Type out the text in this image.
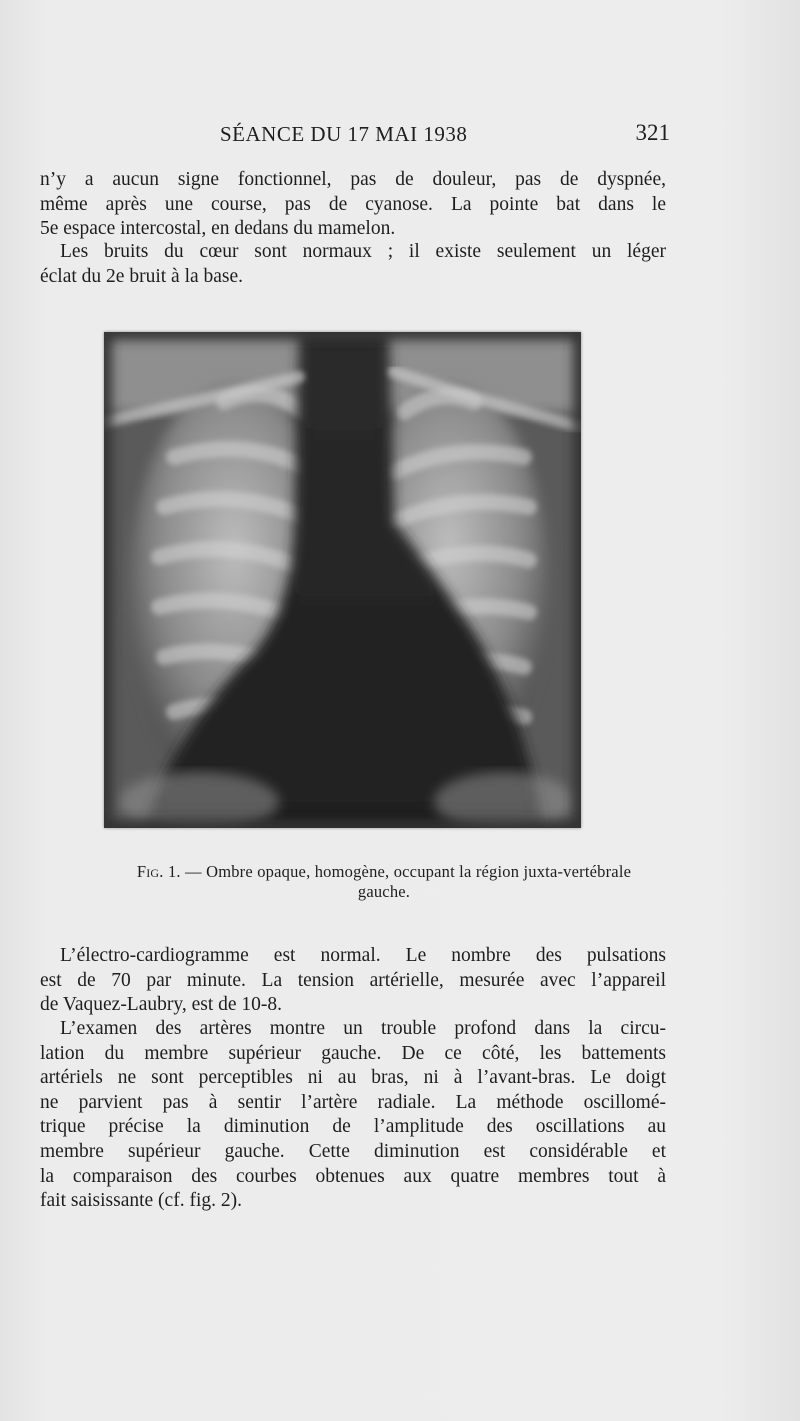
SÉANCE DU 17 MAI 1938	321
n’y a aucun signe fonctionnel, pas de douleur, pas de dyspnée,
même après une course, pas de cyanose. La pointe bat dans le
5e espace intercostal, en dedans du mamelon.
Les bruits du cœur sont normaux ; il existe seulement un léger
éclat du 2e bruit à la base.
Fig. 1. — Ombre opaque, homogène, occupant la région juxta-vertébrale
gauche.
L’électro-cardiogramme est normal. Le nombre des pulsations
est de 70 par minute. La tension artérielle, mesurée avec l’appareil
de Vaquez-Laubry, est de 10-8.
L’examen des artères montre un trouble profond dans la circu-
lation du membre supérieur gauche. De ce côté, les battements
artériels ne sont perceptibles ni au bras, ni à l’avant-bras. Le doigt
ne parvient pas à sentir l’artère radiale. La méthode oscillomé-
trique précise la diminution de l’amplitude des oscillations au
membre supérieur gauche. Cette diminution est considérable et
la comparaison des courbes obtenues aux quatre membres tout à
fait saisissante (cf. fig. 2).
